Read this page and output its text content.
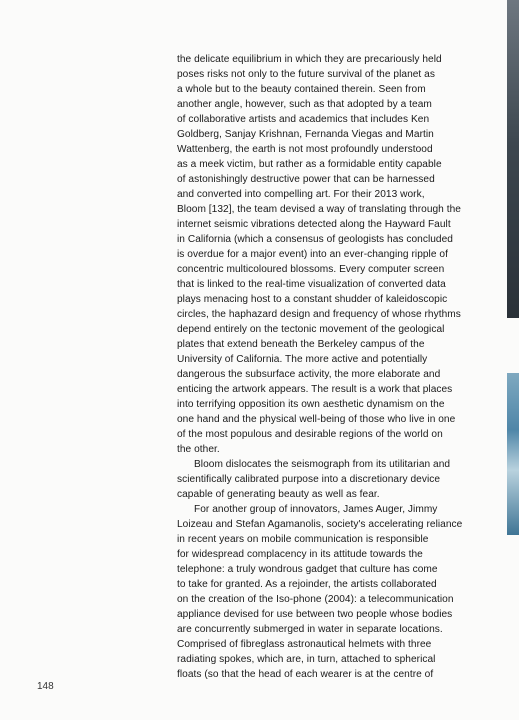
the delicate equilibrium in which they are precariously held
poses risks not only to the future survival of the planet as
a whole but to the beauty contained therein. Seen from
another angle, however, such as that adopted by a team
of collaborative artists and academics that includes Ken
Goldberg, Sanjay Krishnan, Fernanda Viegas and Martin
Wattenberg, the earth is not most profoundly understood
as a meek victim, but rather as a formidable entity capable
of astonishingly destructive power that can be harnessed
and converted into compelling art. For their 2013 work,
Bloom [132], the team devised a way of translating through the
internet seismic vibrations detected along the Hayward Fault
in California (which a consensus of geologists has concluded
is overdue for a major event) into an ever-changing ripple of
concentric multicoloured blossoms. Every computer screen
that is linked to the real-time visualization of converted data
plays menacing host to a constant shudder of kaleidoscopic
circles, the haphazard design and frequency of whose rhythms
depend entirely on the tectonic movement of the geological
plates that extend beneath the Berkeley campus of the
University of California. The more active and potentially
dangerous the subsurface activity, the more elaborate and
enticing the artwork appears. The result is a work that places
into terrifying opposition its own aesthetic dynamism on the
one hand and the physical well-being of those who live in one
of the most populous and desirable regions of the world on
the other.
Bloom dislocates the seismograph from its utilitarian and
scientifically calibrated purpose into a discretionary device
capable of generating beauty as well as fear.
For another group of innovators, James Auger, Jimmy
Loizeau and Stefan Agamanolis, society's accelerating reliance
in recent years on mobile communication is responsible
for widespread complacency in its attitude towards the
telephone: a truly wondrous gadget that culture has come
to take for granted. As a rejoinder, the artists collaborated
on the creation of the Iso-phone (2004): a telecommunication
appliance devised for use between two people whose bodies
are concurrently submerged in water in separate locations.
Comprised of fibreglass astronautical helmets with three
radiating spokes, which are, in turn, attached to spherical
floats (so that the head of each wearer is at the centre of
148
